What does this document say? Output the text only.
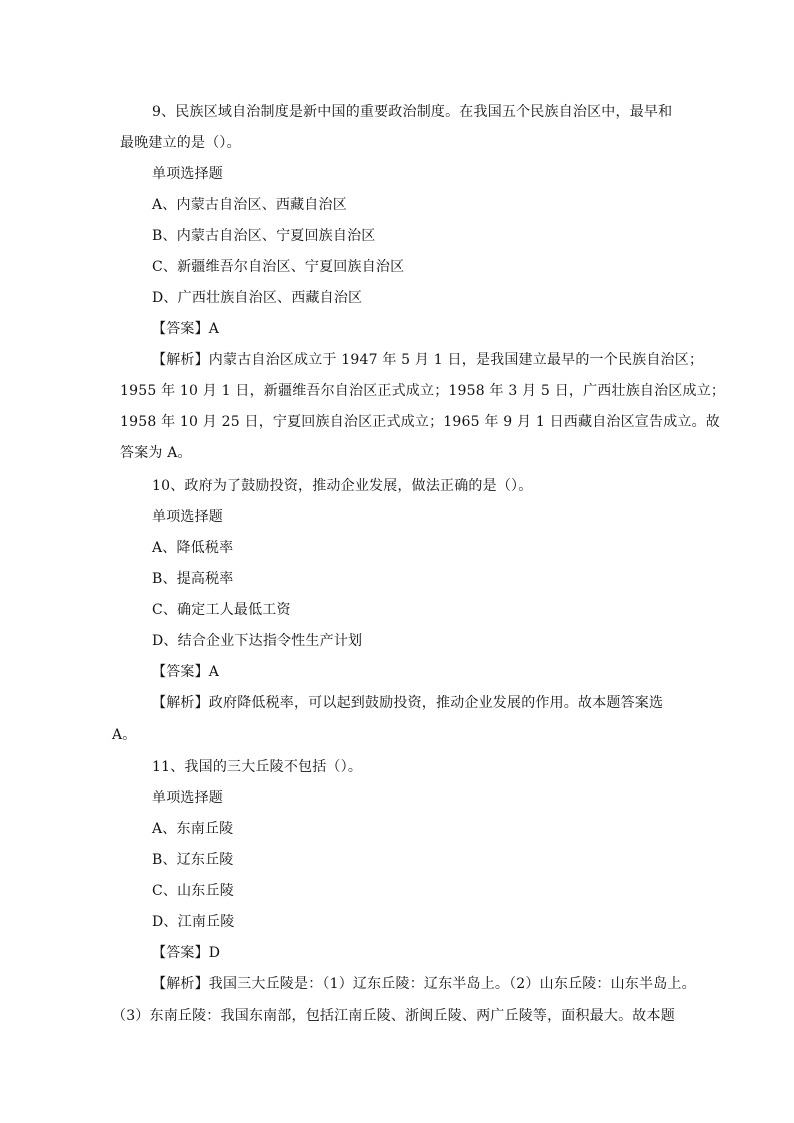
9、民族区域自治制度是新中国的重要政治制度。在我国五个民族自治区中，最早和
最晚建立的是（）。
单项选择题
A、内蒙古自治区、西藏自治区
B、内蒙古自治区、宁夏回族自治区
C、新疆维吾尔自治区、宁夏回族自治区
D、广西壮族自治区、西藏自治区
【答案】A
【解析】内蒙古自治区成立于 1947 年 5 月 1 日，是我国建立最早的一个民族自治区；
1955 年 10 月 1 日，新疆维吾尔自治区正式成立；1958 年 3 月 5 日，广西壮族自治区成立；
1958 年 10 月 25 日，宁夏回族自治区正式成立；1965 年 9 月 1 日西藏自治区宣告成立。故
答案为 A。
10、政府为了鼓励投资，推动企业发展，做法正确的是（）。
单项选择题
A、降低税率
B、提高税率
C、确定工人最低工资
D、结合企业下达指令性生产计划
【答案】A
【解析】政府降低税率，可以起到鼓励投资，推动企业发展的作用。故本题答案选
A。
11、我国的三大丘陵不包括（）。
单项选择题
A、东南丘陵
B、辽东丘陵
C、山东丘陵
D、江南丘陵
【答案】D
【解析】我国三大丘陵是：（1）辽东丘陵：辽东半岛上。（2）山东丘陵：山东半岛上。
（3）东南丘陵：我国东南部，包括江南丘陵、浙闽丘陵、两广丘陵等，面积最大。故本题
